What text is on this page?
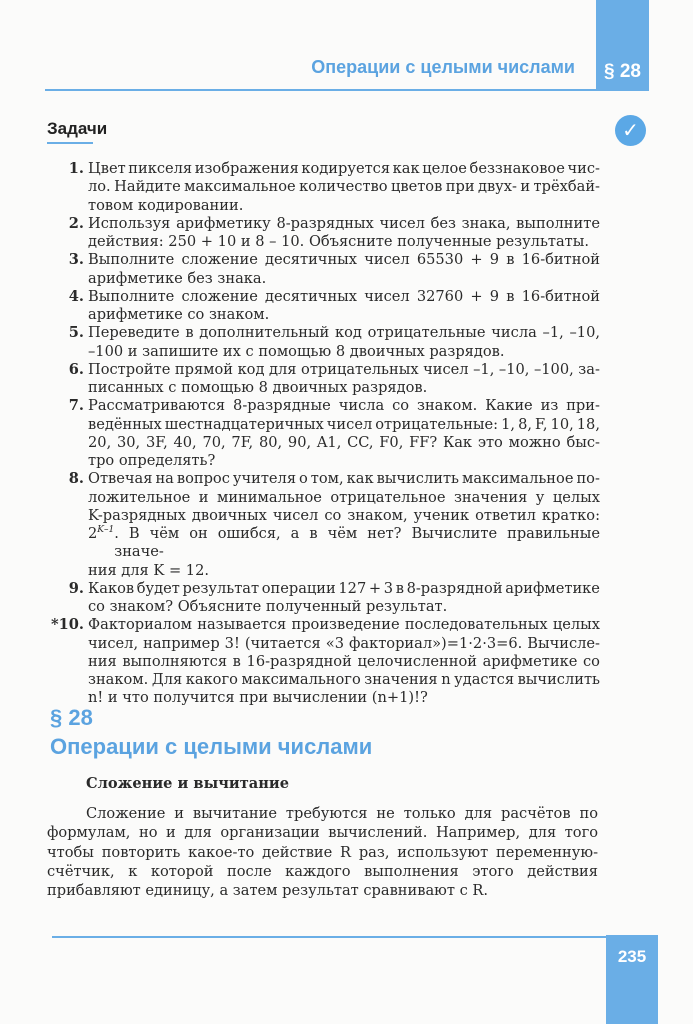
§ 28
Операции с целыми числами
Задачи	✓
1. Цвет пикселя изображения кодируется как целое беззнаковое чис-
ло. Найдите максимальное количество цветов при двух- и трёхбай-
товом кодировании.
2. Используя арифметику 8-разрядных чисел без знака, выполните
действия: 250 + 10 и 8 – 10. Объясните полученные результаты.
3. Выполните сложение десятичных чисел 65530 + 9 в 16-битной
арифметике без знака.
4. Выполните сложение десятичных чисел 32760 + 9 в 16-битной
арифметике со знаком.
5. Переведите в дополнительный код отрицательные числа –1, –10,
–100 и запишите их с помощью 8 двоичных разрядов.
6. Постройте прямой код для отрицательных чисел –1, –10, –100, за-
писанных с помощью 8 двоичных разрядов.
7. Рассматриваются 8-разрядные числа со знаком. Какие из при-
ведённых шестнадцатеричных чисел отрицательные: 1, 8, F, 10, 18,
20, 30, 3F, 40, 70, 7F, 80, 90, A1, CC, F0, FF? Как это можно быс-
тро определять?
8. Отвечая на вопрос учителя о том, как вычислить максимальное по-
ложительное и минимальное отрицательное значения у целых
K-разрядных двоичных чисел со знаком, ученик ответил кратко:
$2^{K-1}$ . В чём он ошибся, а в чём нет? Вычислите правильные значе-
ния для K = 12.
9. Каков будет результат операции 127 + 3 в 8-разрядной арифметике
со знаком? Объясните полученный результат.
*10. Факториалом называется произведение последовательных целых
чисел, например 3! (читается «3 факториал»)=1·2·3=6. Вычисле-
ния выполняются в 16-разрядной целочисленной арифметике со
знаком. Для какого максимального значения n удастся вычислить
n! и что получится при вычислении (n+1)!?
§ 28
Операции с целыми числами
Сложение и вычитание
Сложение и вычитание требуются не только для расчётов по формулам, но и для организации вычислений. Например, для того чтобы повторить какое-то действие R раз, используют переменную-счётчик, к которой после каждого выполнения этого действия прибавляют единицу, а затем результат сравнивают с R.
235
